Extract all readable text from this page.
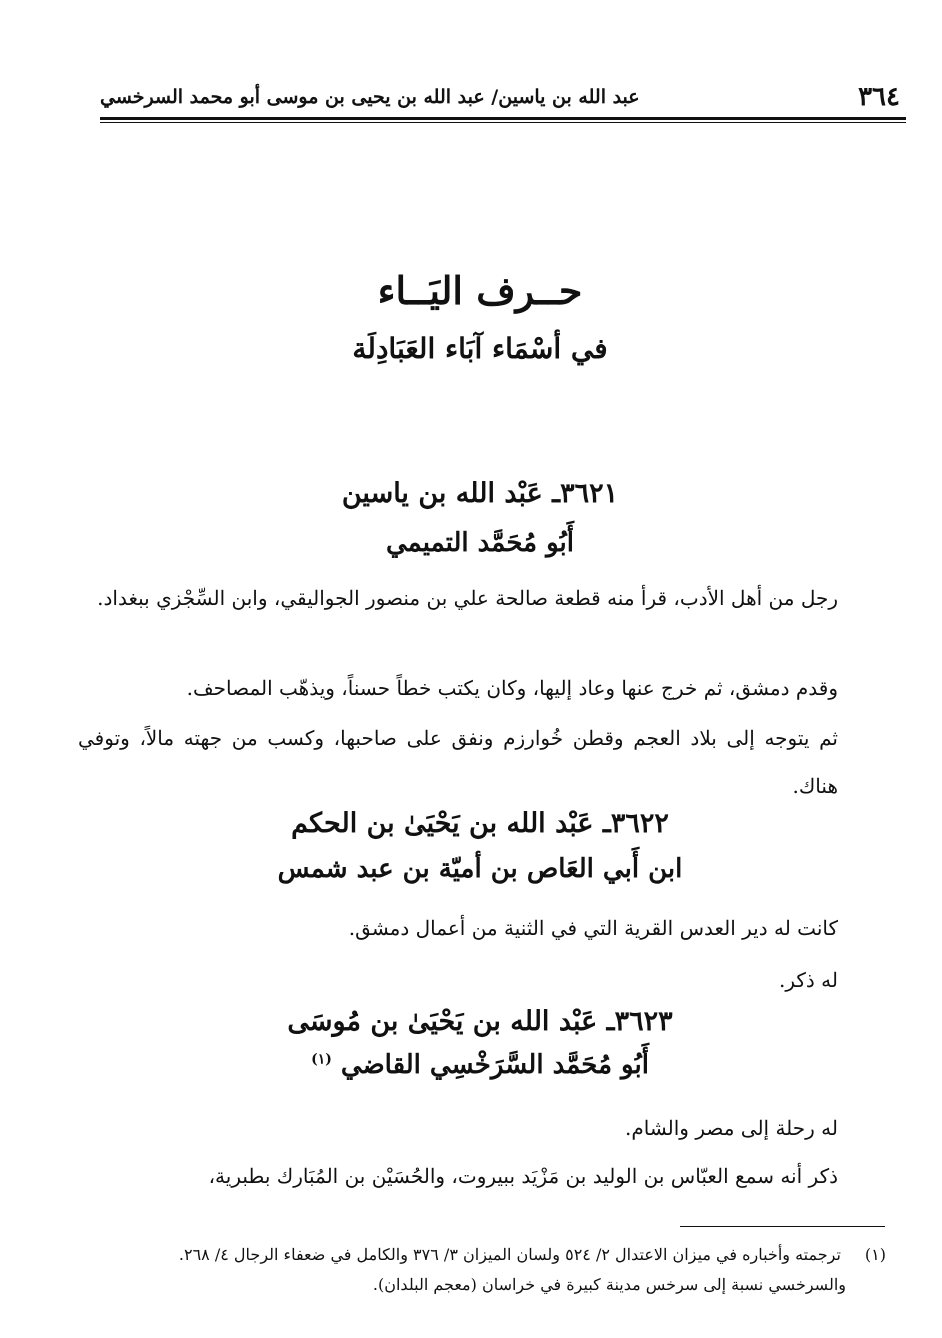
٣٦٤
عبد الله بن ياسين/ عبد الله بن يحيى بن موسى أبو محمد السرخسي
حــرف اليَــاء
في أسْمَاء آبَاء العَبَادِلَة
٣٦٢١ـ عَبْد الله بن ياسين
أَبُو مُحَمَّد التميمي
رجل من أهل الأدب، قرأ منه قطعة صالحة علي بن منصور الجواليقي، وابن السِّجْزي ببغداد.
وقدم دمشق، ثم خرج عنها وعاد إليها، وكان يكتب خطاً حسناً، ويذهّب المصاحف.
ثم يتوجه إلى بلاد العجم وقطن خُوارزم ونفق على صاحبها، وكسب من جهته مالاً، وتوفي هناك.
٣٦٢٢ـ عَبْد الله بن يَحْيَىٰ بن الحكم
ابن أَبي العَاص بن أميّة بن عبد شمس
كانت له دير العدس القرية التي في الثنية من أعمال دمشق.
له ذكر.
٣٦٢٣ـ عَبْد الله بن يَحْيَىٰ بن مُوسَى
أَبُو مُحَمَّد السَّرَخْسِي القاضي $^{(١)}$
له رحلة إلى مصر والشام.
ذكر أنه سمع العبّاس بن الوليد بن مَزْيَد ببيروت، والحُسَيْن بن المُبَارك بطبرية،
(١) ترجمته وأخباره في ميزان الاعتدال ٢/ ٥٢٤ ولسان الميزان ٣/ ٣٧٦ والكامل في ضعفاء الرجال ٤/ ٢٦٨.
والسرخسي نسبة إلى سرخس مدينة كبيرة في خراسان (معجم البلدان).
